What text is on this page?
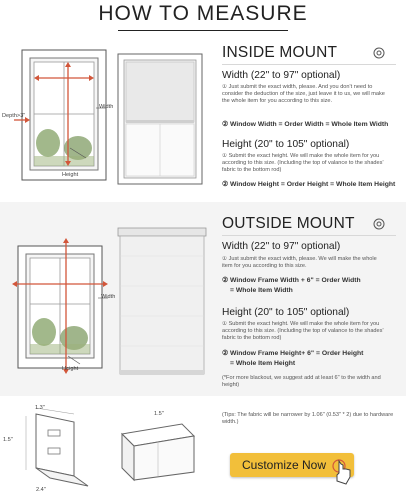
HOW TO MEASURE
Depth>3"
Width
Height
INSIDE MOUNT
Width (22" to 97" optional)
① Just submit the exact width, please. And you don't need to consider the deduction of the size, just leave it to us, we will make the whole item for you according to this size.
② Window Width = Order Width = Whole Item Width
Height (20" to 105" optional)
① Submit the exact height. We will make the whole item for you according to this size. (Including the top of valance to the shades' fabric to the bottom rod)
② Window Height = Order Height = Whole Item Height
Width
Height
OUTSIDE MOUNT
Width (22" to 97" optional)
① Just submit the exact width, please. We will make the whole item for you according to this size.
② Window Frame Width + 6" = Order Width
= Whole Item Width
Height (20" to 105" optional)
① Submit the exact height. We will make the whole item for you according to this size. (Including the top of valance to the shades' fabric to the bottom rod)
② Window Frame Height+ 6" = Order Height
= Whole Item Height
(*For more blackout, we suggest add at least 6" to the width and height)
1.3"
1.5"
2.4"
1.5"	(Tips: The fabric will be narrower by 1.06" (0.53" * 2) due to hardware width.)
Customize Now
